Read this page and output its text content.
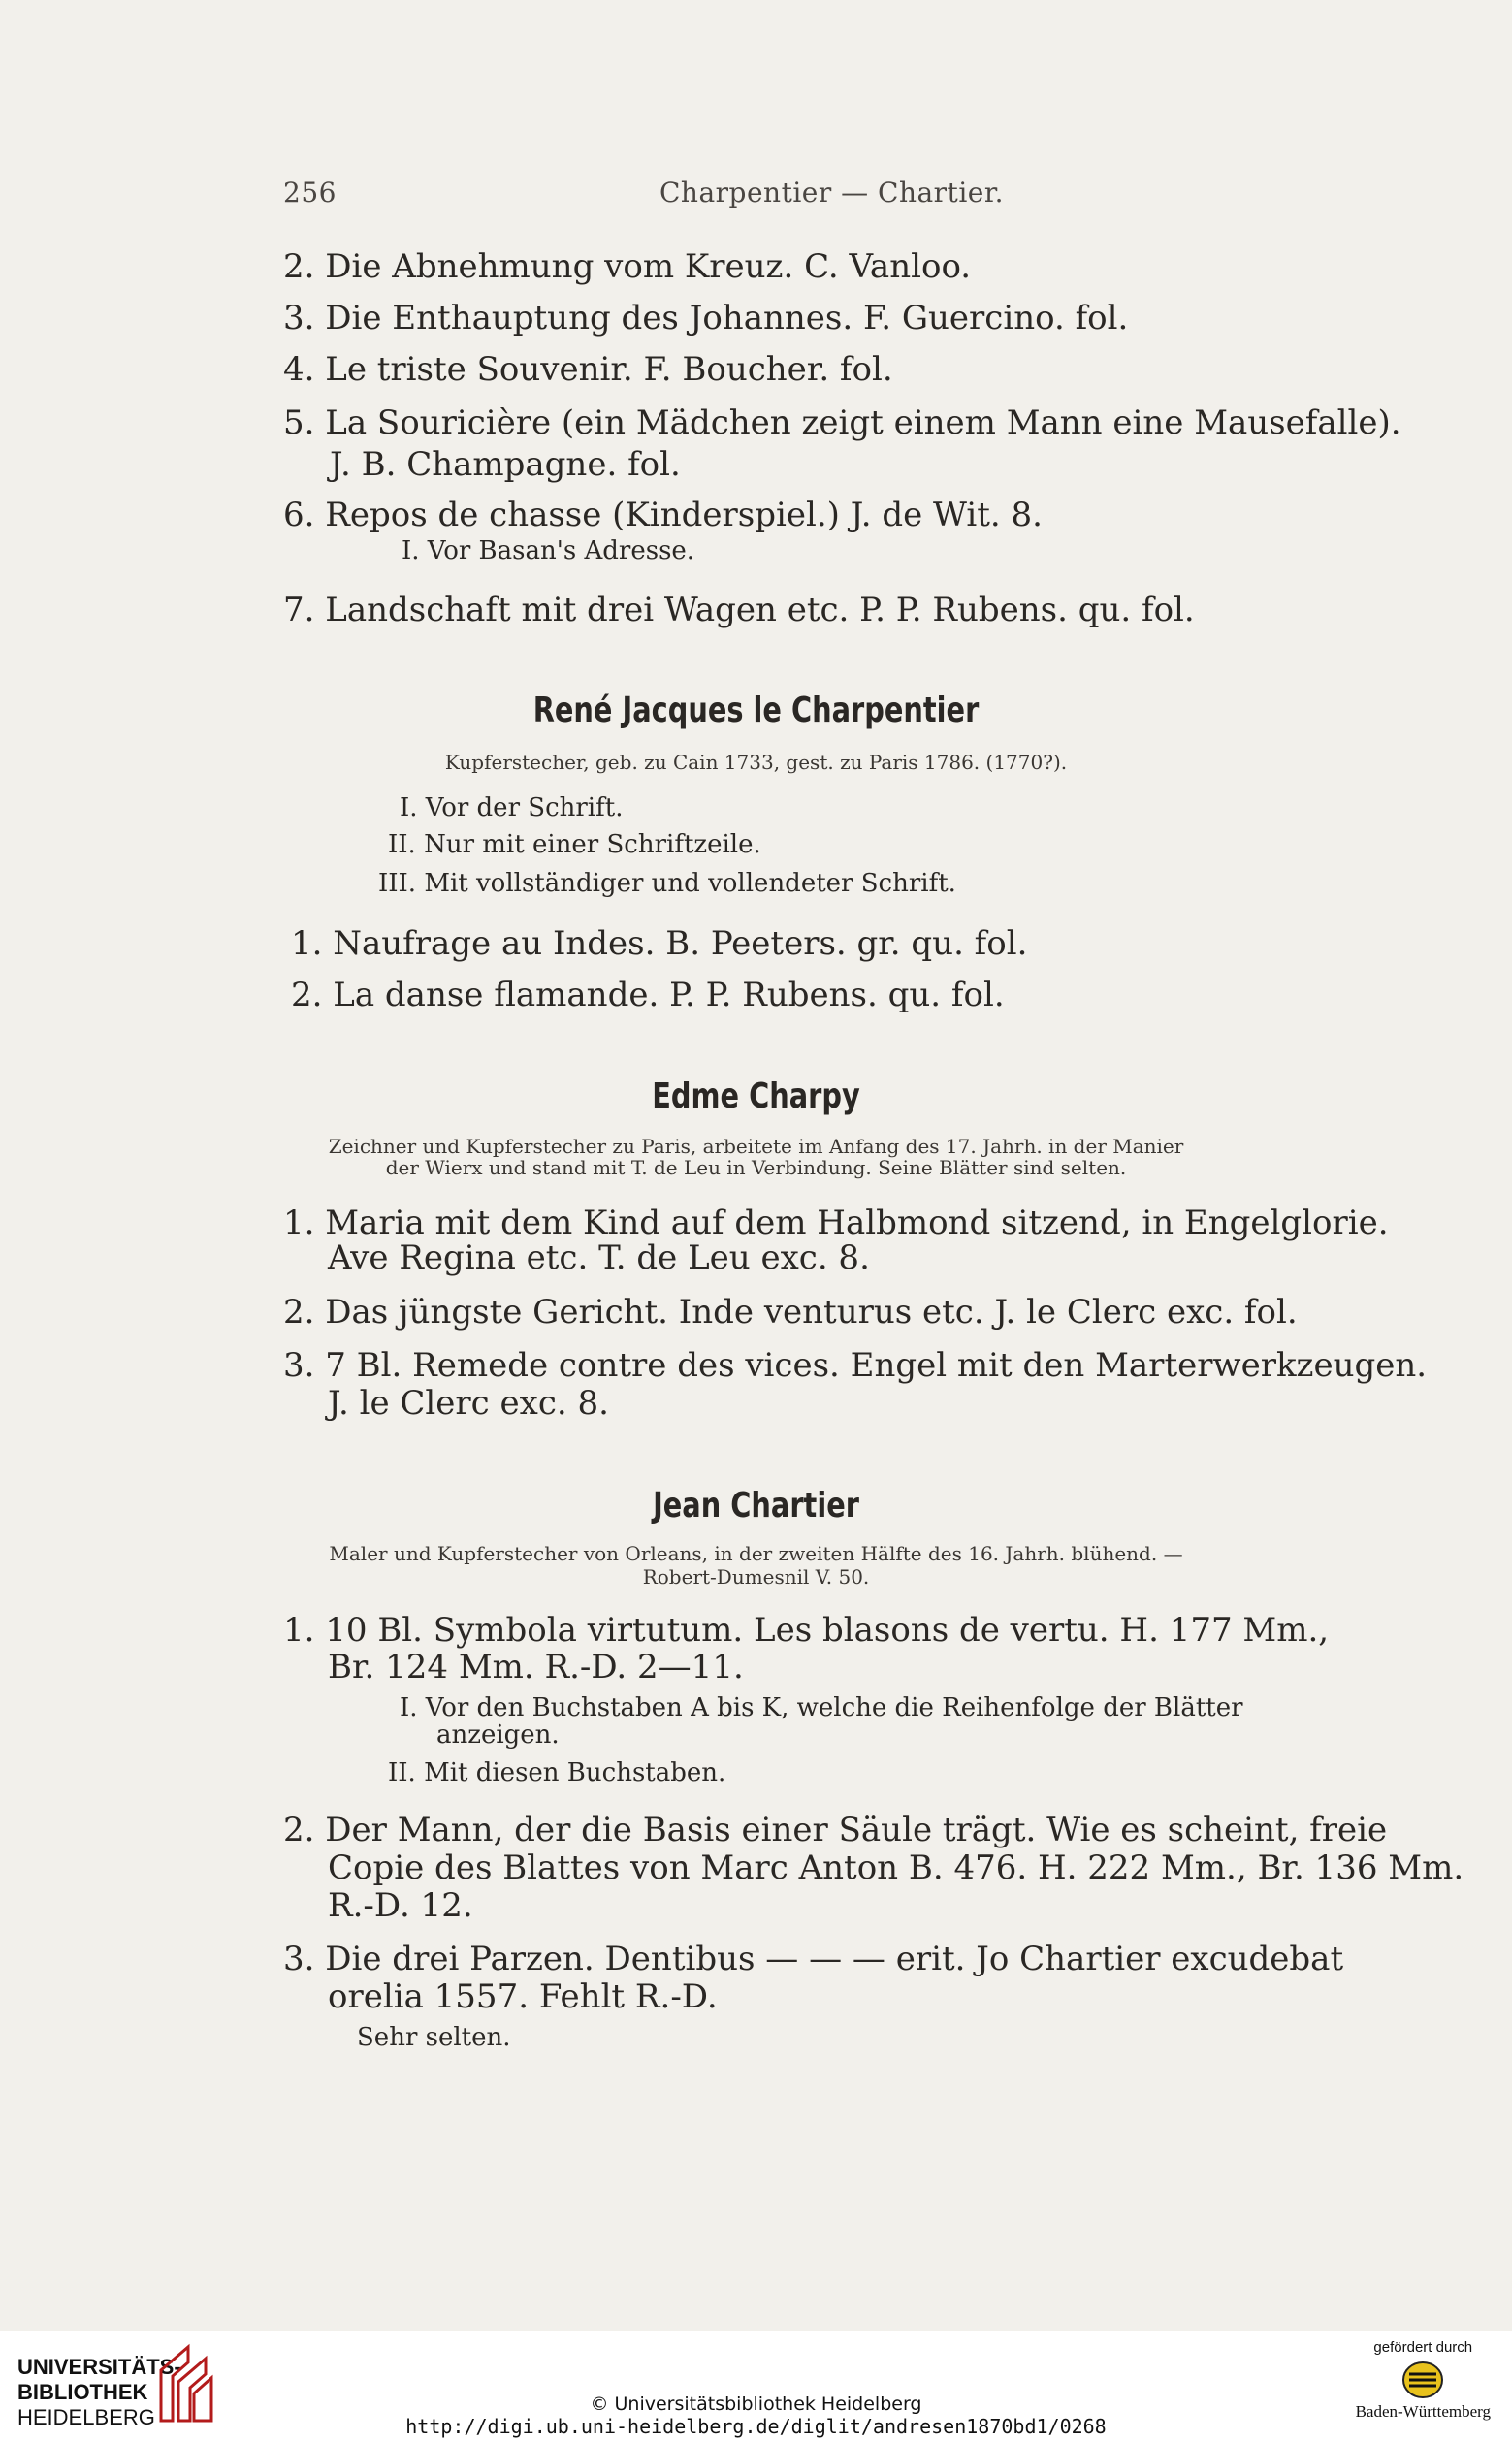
256	Charpentier — Chartier.
2. Die Abnehmung vom Kreuz. C. Vanloo.
3. Die Enthauptung des Johannes. F. Guercino. fol.
4. Le triste Souvenir. F. Boucher. fol.
5. La Souricière (ein Mädchen zeigt einem Mann eine Mausefalle).
J. B. Champagne. fol.
6. Repos de chasse (Kinderspiel.) J. de Wit. 8.
I. Vor Basan's Adresse.
7. Landschaft mit drei Wagen etc. P. P. Rubens. qu. fol.
René Jacques le Charpentier
Kupferstecher, geb. zu Cain 1733, gest. zu Paris 1786. (1770?).
I. Vor der Schrift.
II. Nur mit einer Schriftzeile.
III. Mit vollständiger und vollendeter Schrift.
1. Naufrage au Indes. B. Peeters. gr. qu. fol.
2. La danse flamande. P. P. Rubens. qu. fol.
Edme Charpy
Zeichner und Kupferstecher zu Paris, arbeitete im Anfang des 17. Jahrh. in der Manier
der Wierx und stand mit T. de Leu in Verbindung. Seine Blätter sind selten.
1. Maria mit dem Kind auf dem Halbmond sitzend, in Engelglorie.
Ave Regina etc. T. de Leu exc. 8.
2. Das jüngste Gericht. Inde venturus etc. J. le Clerc exc. fol.
3. 7 Bl. Remede contre des vices. Engel mit den Marterwerkzeugen.
J. le Clerc exc. 8.
Jean Chartier
Maler und Kupferstecher von Orleans, in der zweiten Hälfte des 16. Jahrh. blühend. —
Robert-Dumesnil V. 50.
1. 10 Bl. Symbola virtutum. Les blasons de vertu. H. 177 Mm.,
Br. 124 Mm. R.-D. 2—11.
I. Vor den Buchstaben A bis K, welche die Reihenfolge der Blätter
anzeigen.
II. Mit diesen Buchstaben.
2. Der Mann, der die Basis einer Säule trägt. Wie es scheint, freie
Copie des Blattes von Marc Anton B. 476. H. 222 Mm., Br. 136 Mm.
R.-D. 12.
3. Die drei Parzen. Dentibus — — — erit. Jo Chartier excudebat
orelia 1557. Fehlt R.-D.
Sehr selten.
UNIVERSITÄTS-
BIBLIOTHEK
HEIDELBERG
© Universitätsbibliothek Heidelberg
http://digi.ub.uni-heidelberg.de/diglit/andresen1870bd1/0268
gefördert durch
Baden-Württemberg
